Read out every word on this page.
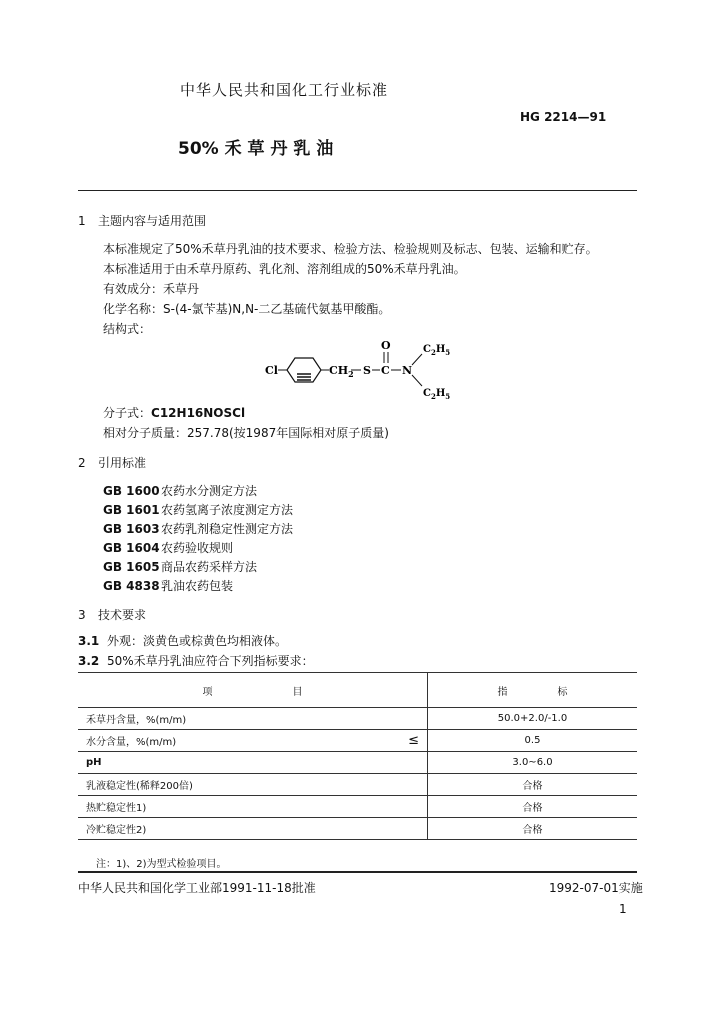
中华人民共和国化工行业标准
HG 2214—91
50% 禾 草 丹 乳 油
1 主题内容与适用范围
本标准规定了50%禾草丹乳油的技术要求、检验方法、检验规则及标志、包装、运输和贮存。
本标准适用于由禾草丹原药、乳化剂、溶剂组成的50%禾草丹乳油。
有效成分：禾草丹
化学名称：S-(4-氯苄基)N,N-二乙基硫代氨基甲酸酯。
结构式：
Cl	$CH_2$ S C
O
N
$C_2H_5$
$C_2H_5$
分子式：C12H16NOSCl
相对分子质量：257.78(按1987年国际相对原子质量)
2 引用标准
GB 1600农药水分测定方法
GB 1601农药氢离子浓度测定方法
GB 1603农药乳剂稳定性测定方法
GB 1604农药验收规则
GB 1605商品农药采样方法
GB 4838乳油农药包装
3 技术要求
3.1 外观：淡黄色或棕黄色均相液体。
3.2 50%禾草丹乳油应符合下列指标要求：
项 目	指 标

禾草丹含量，%(m/m)	50.0+2.0/-1.0

水分含量，%(m/m) ≤	0.5

pH	3.0~6.0

乳液稳定性(稀释200倍)	合格

热贮稳定性1)	合格

冷贮稳定性2)	合格
注：1)、2)为型式检验项目。
中华人民共和国化学工业部1991-11-18批准	1992-07-01实施
1
